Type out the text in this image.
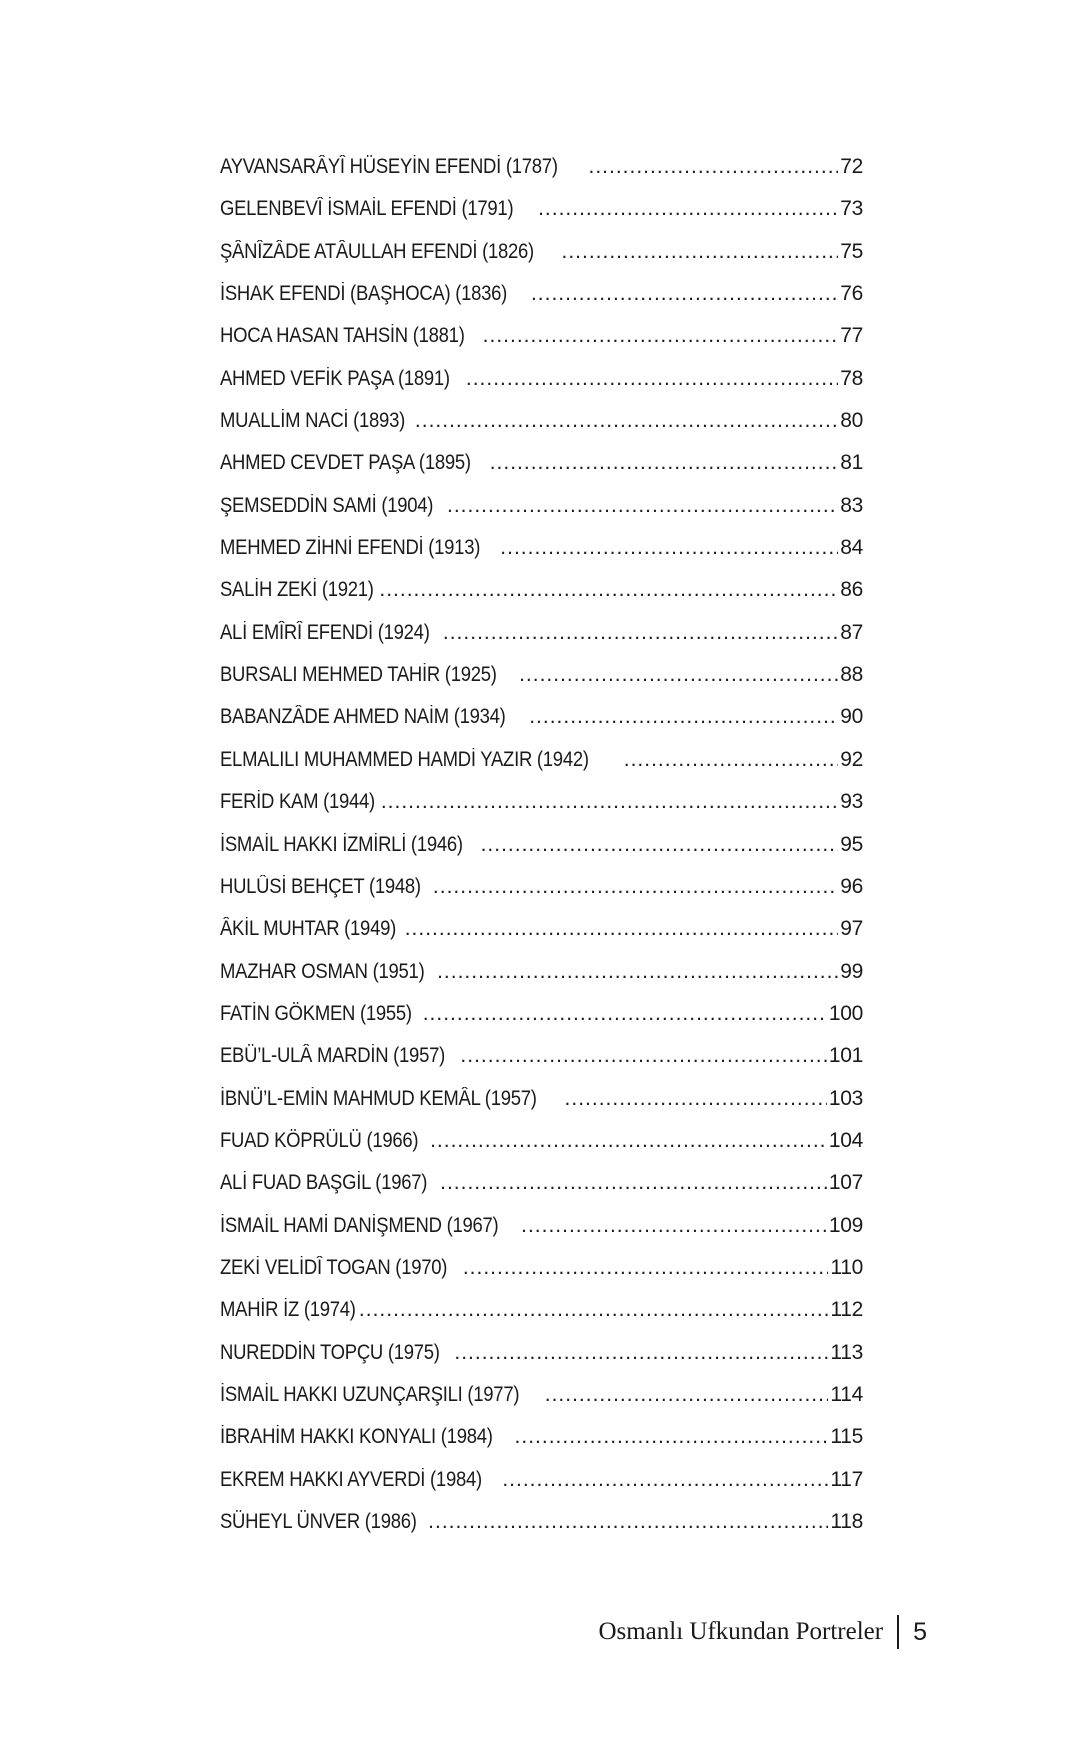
AYVANSARÂYÎ HÜSEYİN EFENDİ (1787) .....	72
GELENBEVÎ İSMAİL EFENDİ (1791) .....	73
ŞÂNÎZÂDE ATÂULLAH EFENDİ (1826) .....	75
İSHAK EFENDİ (BAŞHOCA) (1836) .....	76
HOCA HASAN TAHSİN (1881) .....	77
AHMED VEFİK PAŞA (1891) .....	78
MUALLİM NACİ (1893) .....	80
AHMED CEVDET PAŞA (1895) .....	81
ŞEMSEDDİN SAMİ (1904) .....	83
MEHMED ZİHNİ EFENDİ (1913) .....	84
SALİH ZEKİ (1921) .....	86
ALİ EMÎRÎ EFENDİ (1924) .....	87
BURSALI MEHMED TAHİR (1925) .....	88
BABANZÂDE AHMED NAİM (1934) .....	90
ELMALILI MUHAMMED HAMDİ YAZIR (1942) .....	92
FERİD KAM (1944) .....	93
İSMAİL HAKKI İZMİRLİ (1946) .....	95
HULÛSİ BEHÇET (1948) .....	96
ÂKİL MUHTAR (1949) .....	97
MAZHAR OSMAN (1951) .....	99
FATİN GÖKMEN (1955) .....	100
EBÜ’L-ULÂ MARDİN (1957) .....	101
İBNÜ’L-EMİN MAHMUD KEMÂL (1957) .....	103
FUAD KÖPRÜLÜ (1966) .....	104
ALİ FUAD BAŞGİL (1967) .....	107
İSMAİL HAMİ DANİŞMEND (1967) .....	109
ZEKİ VELİDÎ TOGAN (1970) .....	110
MAHİR İZ (1974) .....	112
NUREDDİN TOPÇU (1975) .....	113
İSMAİL HAKKI UZUNÇARŞILI (1977) .....	114
İBRAHİM HAKKI KONYALI (1984) .....	115
EKREM HAKKI AYVERDİ (1984) .....	117
SÜHEYL ÜNVER (1986) .....	118
Osmanlı Ufkundan Portreler 5
